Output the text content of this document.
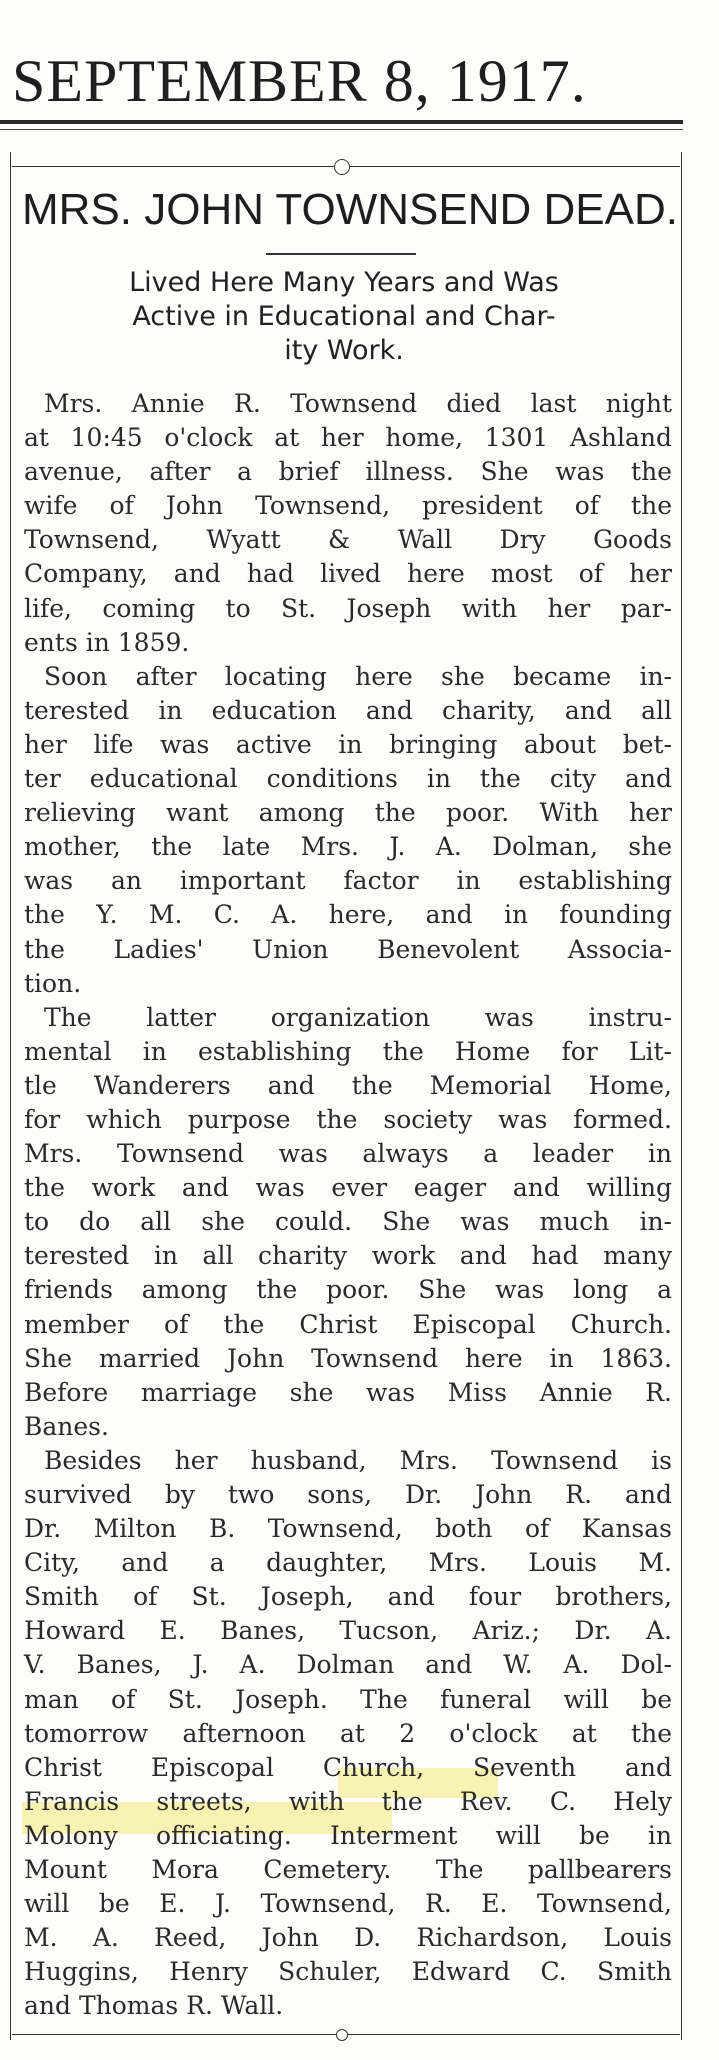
SEPTEMBER 8, 1917.
MRS. JOHN TOWNSEND DEAD.
Lived Here Many Years and Was
Active in Educational and Char-
ity Work.
Mrs. Annie R. Townsend died last night
at 10:45 o'clock at her home, 1301 Ashland
avenue, after a brief illness. She was the
wife of John Townsend, president of the
Townsend, Wyatt & Wall Dry Goods
Company, and had lived here most of her
life, coming to St. Joseph with her par-
ents in 1859.
Soon after locating here she became in-
terested in education and charity, and all
her life was active in bringing about bet-
ter educational conditions in the city and
relieving want among the poor. With her
mother, the late Mrs. J. A. Dolman, she
was an important factor in establishing
the Y. M. C. A. here, and in founding
the Ladies' Union Benevolent Associa-
tion.
The latter organization was instru-
mental in establishing the Home for Lit-
tle Wanderers and the Memorial Home,
for which purpose the society was formed.
Mrs. Townsend was always a leader in
the work and was ever eager and willing
to do all she could. She was much in-
terested in all charity work and had many
friends among the poor. She was long a
member of the Christ Episcopal Church.
She married John Townsend here in 1863.
Before marriage she was Miss Annie R.
Banes.
Besides her husband, Mrs. Townsend is
survived by two sons, Dr. John R. and
Dr. Milton B. Townsend, both of Kansas
City, and a daughter, Mrs. Louis M.
Smith of St. Joseph, and four brothers,
Howard E. Banes, Tucson, Ariz.; Dr. A.
V. Banes, J. A. Dolman and W. A. Dol-
man of St. Joseph. The funeral will be
tomorrow afternoon at 2 o'clock at the
Christ Episcopal Church, Seventh and
Francis streets, with the Rev. C. Hely
Molony officiating. Interment will be in
Mount Mora Cemetery. The pallbearers
will be E. J. Townsend, R. E. Townsend,
M. A. Reed, John D. Richardson, Louis
Huggins, Henry Schuler, Edward C. Smith
and Thomas R. Wall.
